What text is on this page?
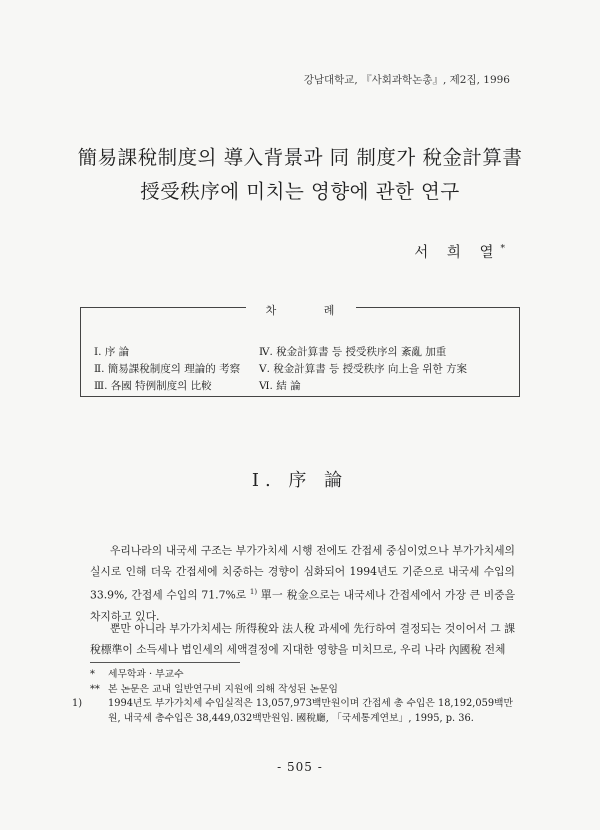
강남대학교, 『사회과학논총』, 제2집, 1996
簡易課稅制度의 導入背景과 同 制度가 稅金計算書
授受秩序에 미치는 영향에 관한 연구
서 희 열*
차 례
Ⅰ. 序 論
Ⅱ. 簡易課稅制度의 理論的 考察
Ⅲ. 各國 特例制度의 比較
Ⅳ. 稅金計算書 등 授受秩序의 紊亂 加重
Ⅴ. 稅金計算書 등 授受秩序 向上을 위한 方案
Ⅵ. 結 論
Ⅰ. 序 論
우리나라의 내국세 구조는 부가가치세 시행 전에도 간접세 중심이었으나 부가가치세의 실시로 인해 더욱 간접세에 치중하는 경향이 심화되어 1994년도 기준으로 내국세 수입의 33.9%, 간접세 수입의 71.7%로 $^{1)}$ 單一 稅金으로는 내국세나 간접세에서 가장 큰 비중을 차지하고 있다.
뿐만 아니라 부가가치세는 所得稅와 法人稅 과세에 先行하여 결정되는 것이어서 그 課稅標準이 소득세나 법인세의 세액결정에 지대한 영향을 미치므로, 우리 나라 內國稅 전체
* 세무학과 · 부교수
** 본 논문은 교내 일반연구비 지원에 의해 작성된 논문임
1)	1994년도 부가가치세 수입실적은 13,057,973백만원이며 간접세 총 수입은 18,192,059백만원, 내국세 총수입은 38,449,032백만원임. 國稅廳, 「국세통계연보」, 1995, p. 36.
- 505 -
